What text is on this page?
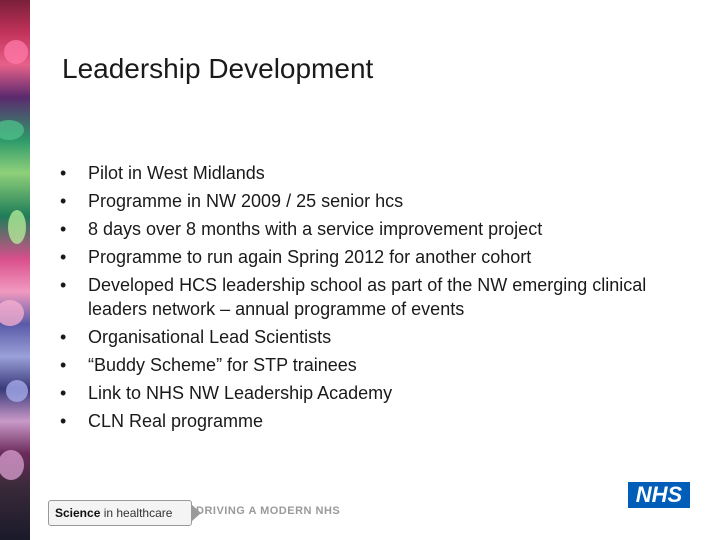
Leadership Development
• Pilot in West Midlands
• Programme in NW 2009 / 25 senior hcs
• 8 days over 8 months with a service improvement project
• Programme to run again Spring 2012 for another cohort
• Developed HCS leadership school as part of the NW emerging clinical leaders network – annual programme of events
• Organisational Lead Scientists
• “Buddy Scheme” for STP trainees
• Link to NHS NW Leadership Academy
• CLN Real programme
Science in healthcare DRIVING A MODERN NHS
NHS
